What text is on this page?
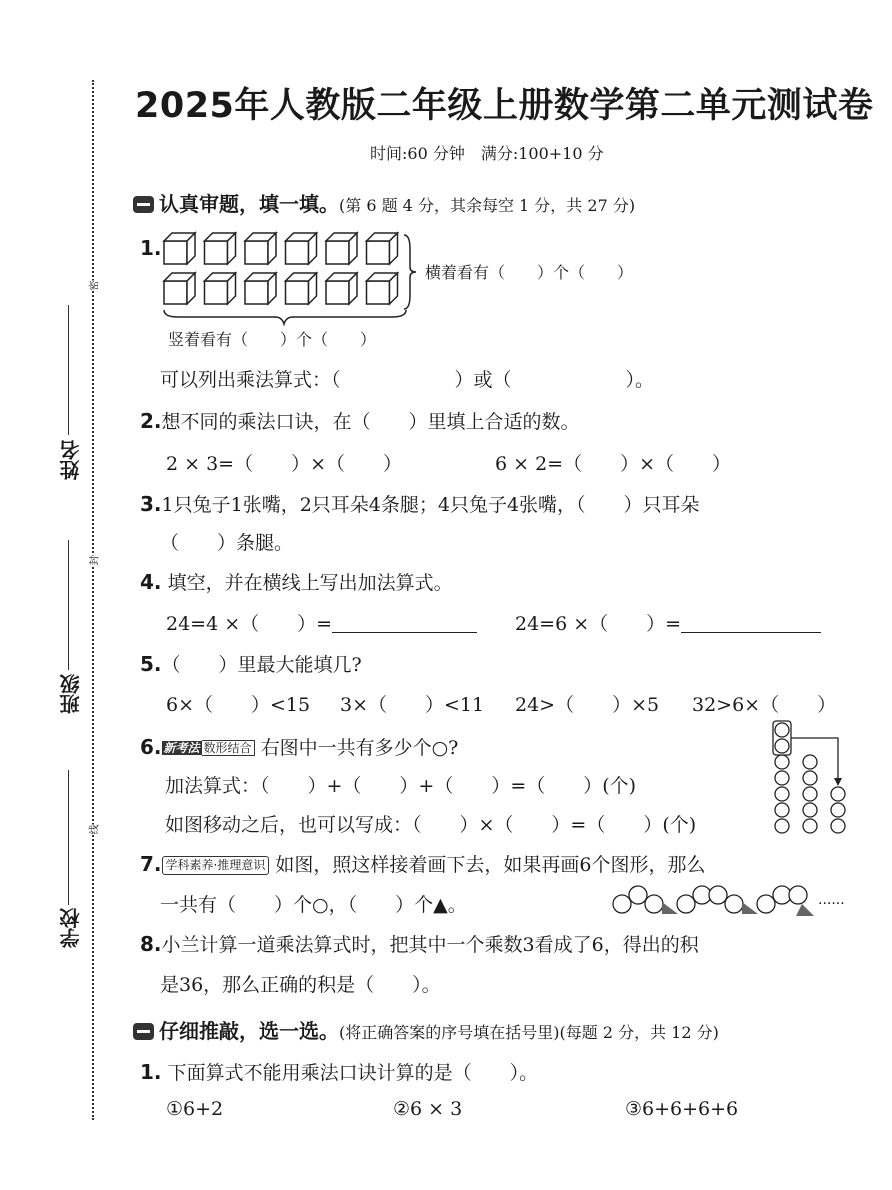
密
封
线
姓名
班级
学校
2025年人教版二年级上册数学第二单元测试卷
时间:60 分钟　满分:100+10 分
认真审题，填一填。(第 6 题 4 分，其余每空 1 分，共 27 分)
1.
横着看有（　　）个（　　）
竖着看有（　　）个（　　）
可以列出乘法算式：（　　　　　　）或（　　　　　　）。
2.想不同的乘法口诀，在（　　）里填上合适的数。
2 × 3=（　　）×（　　）	6 × 2=（　　）×（　　）
3.1只兔子1张嘴，2只耳朵4条腿；4只兔子4张嘴，（　　）只耳朵
（　　）条腿。
4. 填空，并在横线上写出加法算式。
24=4 ×（　　）=	24=6 ×（　　）=
5.（　　）里最大能填几?
6×（　　）<15 3×（　　）<11 24>（　　）×5 32>6×（　　）
6. 新考法 数形结合 右图中一共有多少个○?
加法算式：（　　）+（　　）+（　　）=（　　）(个)
如图移动之后，也可以写成：（　　）×（　　）=（　　）(个)
7. 学科素养·推理意识 如图，照这样接着画下去，如果再画6个图形，那么
一共有（　　）个○，（　　）个▲。	......
8.小兰计算一道乘法算式时，把其中一个乘数3看成了6，得出的积
是36，那么正确的积是（　　）。
仔细推敲，选一选。(将正确答案的序号填在括号里)(每题 2 分，共 12 分)
1. 下面算式不能用乘法口诀计算的是（　　）。
①6+2	②6 × 3	③6+6+6+6
